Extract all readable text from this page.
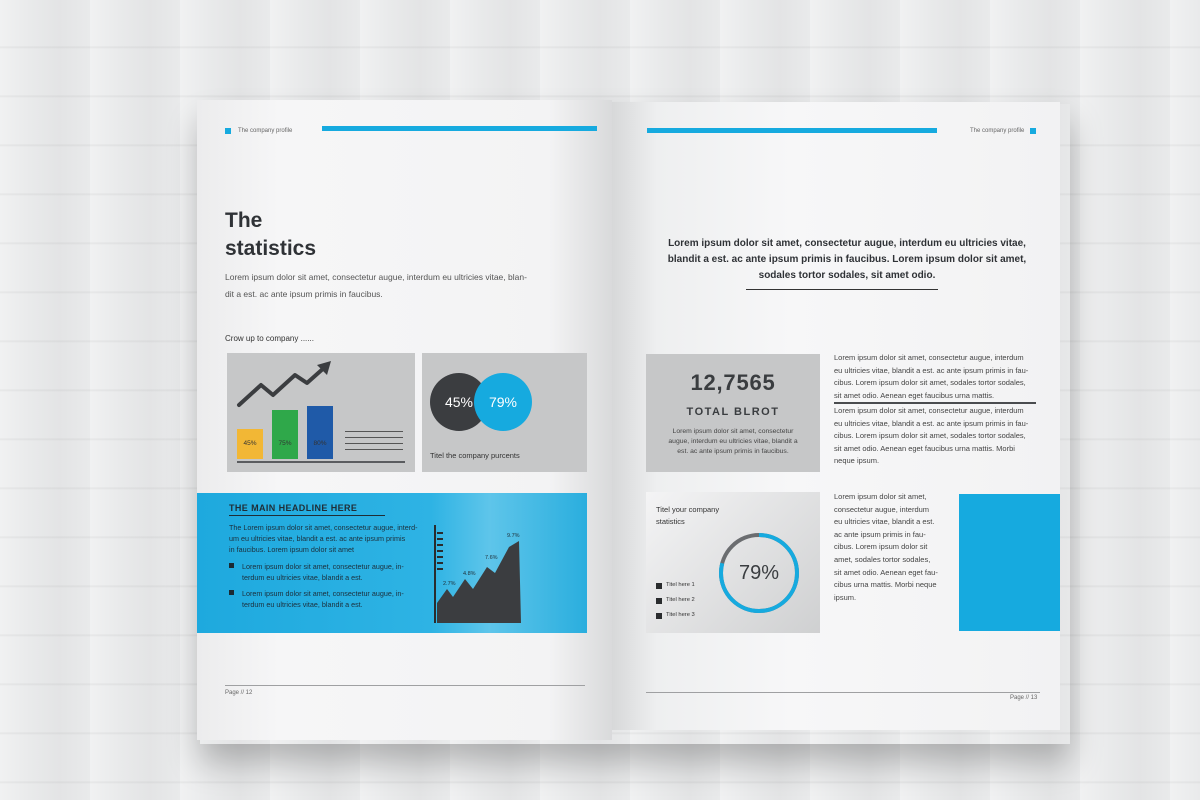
The company profile
The
statistics
Lorem ipsum dolor sit amet, consectetur augue, interdum eu ultricies vitae, blan-
dit a est. ac ante ipsum primis in faucibus.
Crow up to company ......
45%	75%	80%
45%	79%
Titel the company purcents
THE MAIN HEADLINE HERE
The Lorem ipsum dolor sit amet, consectetur augue, interd-
um eu ultricies vitae, blandit a est. ac ante ipsum primis
in faucibus. Lorem ipsum dolor sit amet
Lorem ipsum dolor sit amet, consectetur augue, in-
terdum eu ultricies vitae, blandit a est.
Lorem ipsum dolor sit amet, consectetur augue, in-
terdum eu ultricies vitae, blandit a est.
2.7%
4.8%
7.6%
9.7%
Page // 12
The company profile
Lorem ipsum dolor sit amet, consectetur augue, interdum eu ultricies vitae,
blandit a est. ac ante ipsum primis in faucibus. Lorem ipsum dolor sit amet,
sodales tortor sodales, sit amet odio.
12,7565
TOTAL BLROT
Lorem ipsum dolor sit amet, consectetur
augue, interdum eu ultricies vitae, blandit a
est. ac ante ipsum primis in faucibus.
Lorem ipsum dolor sit amet, consectetur augue, interdum
eu ultricies vitae, blandit a est. ac ante ipsum primis in fau-
cibus. Lorem ipsum dolor sit amet, sodales tortor sodales,
sit amet odio. Aenean eget faucibus urna mattis.
Lorem ipsum dolor sit amet, consectetur augue, interdum
eu ultricies vitae, blandit a est. ac ante ipsum primis in fau-
cibus. Lorem ipsum dolor sit amet, sodales tortor sodales,
sit amet odio. Aenean eget faucibus urna mattis. Morbi
neque ipsum.
Titel your company
statistics
79%
Titel here 1
Titel here 2
Titel here 3
Lorem ipsum dolor sit amet,
consectetur augue, interdum
eu ultricies vitae, blandit a est.
ac ante ipsum primis in fau-
cibus. Lorem ipsum dolor sit
amet, sodales tortor sodales,
sit amet odio. Aenean eget fau-
cibus urna mattis. Morbi neque
ipsum.
Page // 13
